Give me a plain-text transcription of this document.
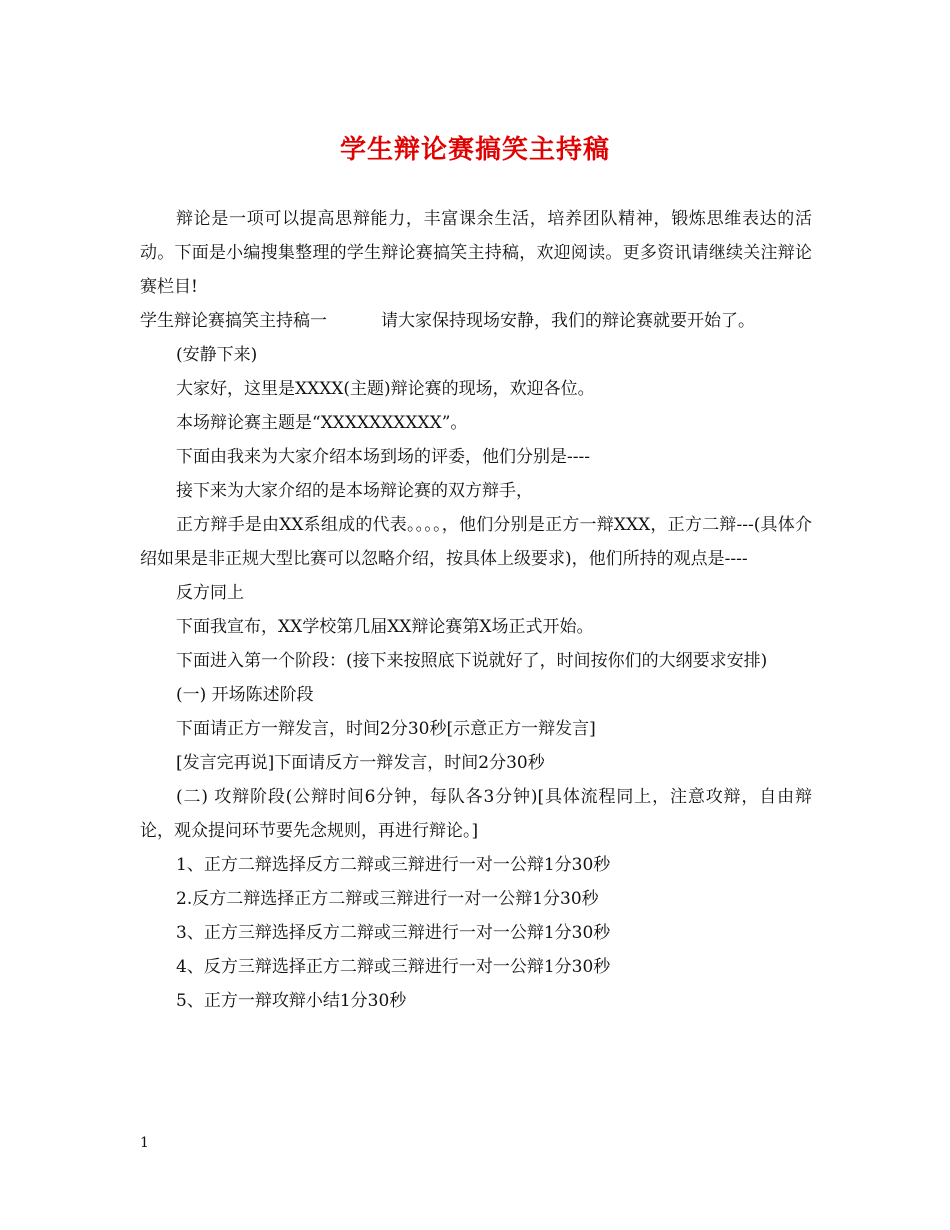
学生辩论赛搞笑主持稿

辩论是一项可以提高思辩能力，丰富课余生活，培养团队精神，锻炼思维表达的活动。下面是小编搜集整理的学生辩论赛搞笑主持稿，欢迎阅读。更多资讯请继续关注辩论赛栏目!

学生辩论赛搞笑主持稿一	请大家保持现场安静，我们的辩论赛就要开始了。

(安静下来)

大家好，这里是XXXX(主题)辩论赛的现场，欢迎各位。

本场辩论赛主题是“XXXXXXXXXX”。

下面由我来为大家介绍本场到场的评委，他们分别是----

接下来为大家介绍的是本场辩论赛的双方辩手，

正方辩手是由XX系组成的代表。。。。，他们分别是正方一辩XXX，正方二辩---(具体介绍如果是非正规大型比赛可以忽略介绍，按具体上级要求)，他们所持的观点是----

反方同上

下面我宣布，XX学校第几届XX辩论赛第X场正式开始。

下面进入第一个阶段：(接下来按照底下说就好了，时间按你们的大纲要求安排)

(一) 开场陈述阶段

下面请正方一辩发言，时间2分30秒[示意正方一辩发言]

[发言完再说]下面请反方一辩发言，时间2分30秒

(二) 攻辩阶段(公辩时间6分钟，每队各3分钟)[具体流程同上，注意攻辩，自由辩论，观众提问环节要先念规则，再进行辩论。]

1、正方二辩选择反方二辩或三辩进行一对一公辩1分30秒

2.反方二辩选择正方二辩或三辩进行一对一公辩1分30秒

3、正方三辩选择反方二辩或三辩进行一对一公辩1分30秒

4、反方三辩选择正方二辩或三辩进行一对一公辩1分30秒

5、正方一辩攻辩小结1分30秒

1
